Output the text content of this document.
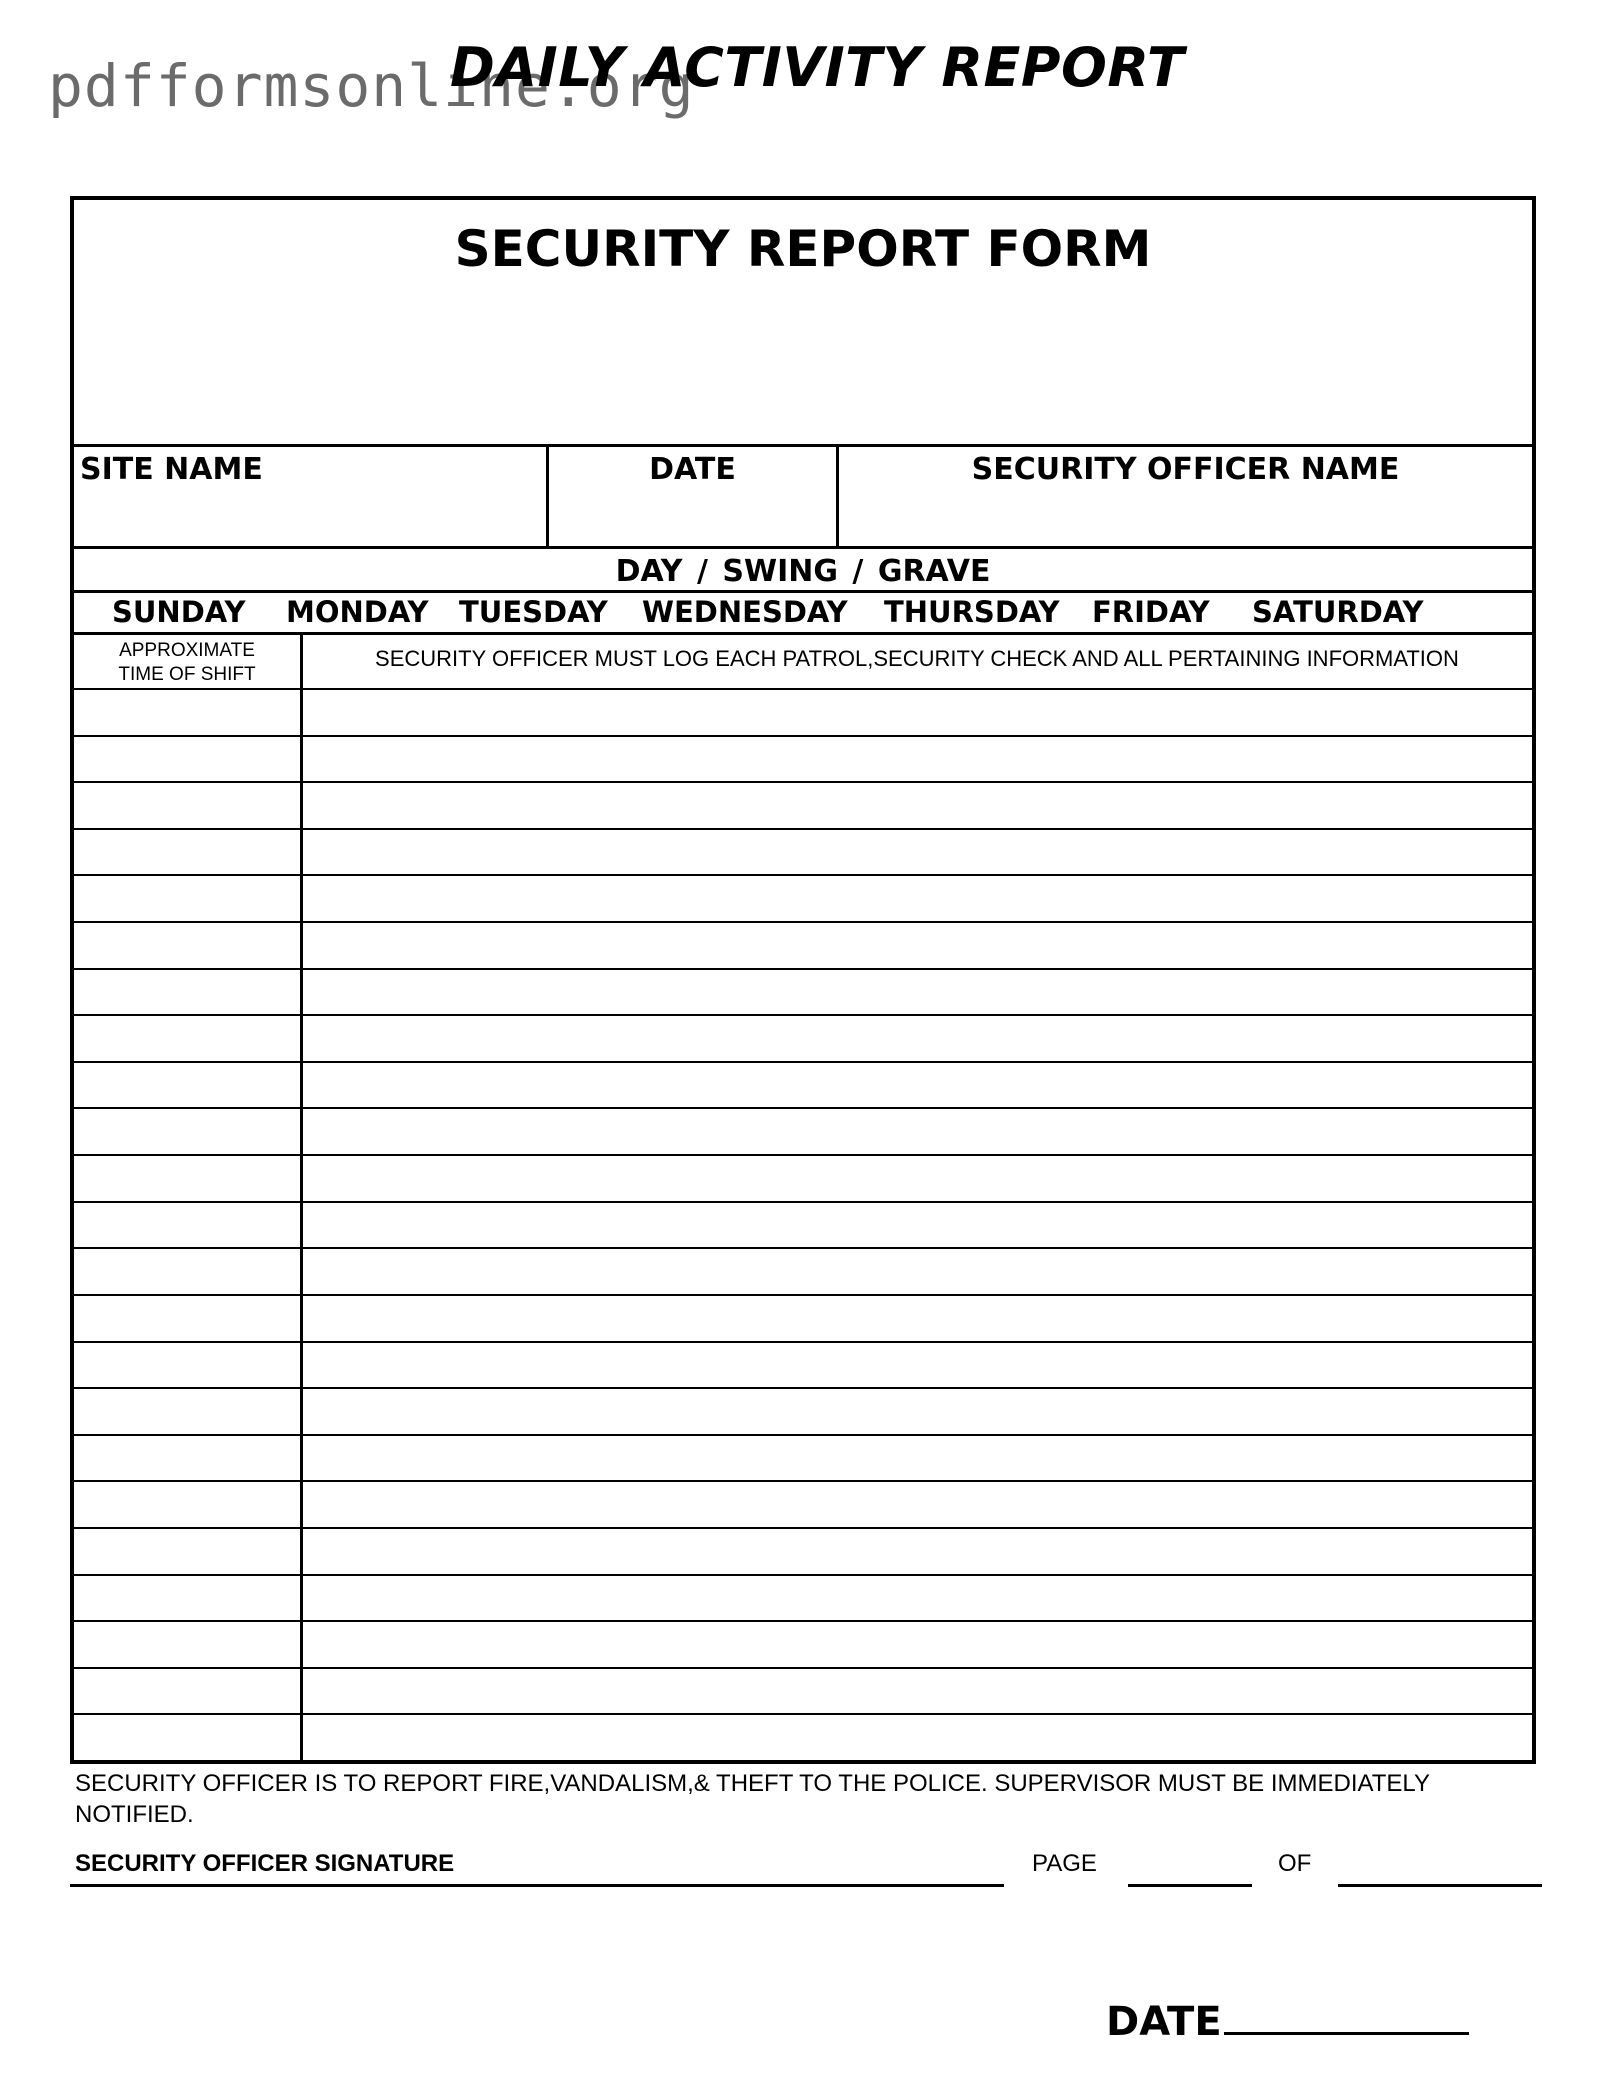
pdfformsonline.org
DAILY ACTIVITY REPORT
SECURITY REPORT FORM
SITE NAME	DATE	SECURITY OFFICER NAME
DAY / SWING / GRAVE
SUNDAY MONDAY TUESDAY WEDNESDAY THURSDAY FRIDAY SATURDAY
APPROXIMATE
TIME OF SHIFT
SECURITY OFFICER MUST LOG EACH PATROL,SECURITY CHECK AND ALL PERTAINING INFORMATION
SECURITY OFFICER IS TO REPORT FIRE,VANDALISM,& THEFT TO THE POLICE. SUPERVISOR MUST BE IMMEDIATELY NOTIFIED.
SECURITY OFFICER SIGNATURE	PAGE	OF
DATE
